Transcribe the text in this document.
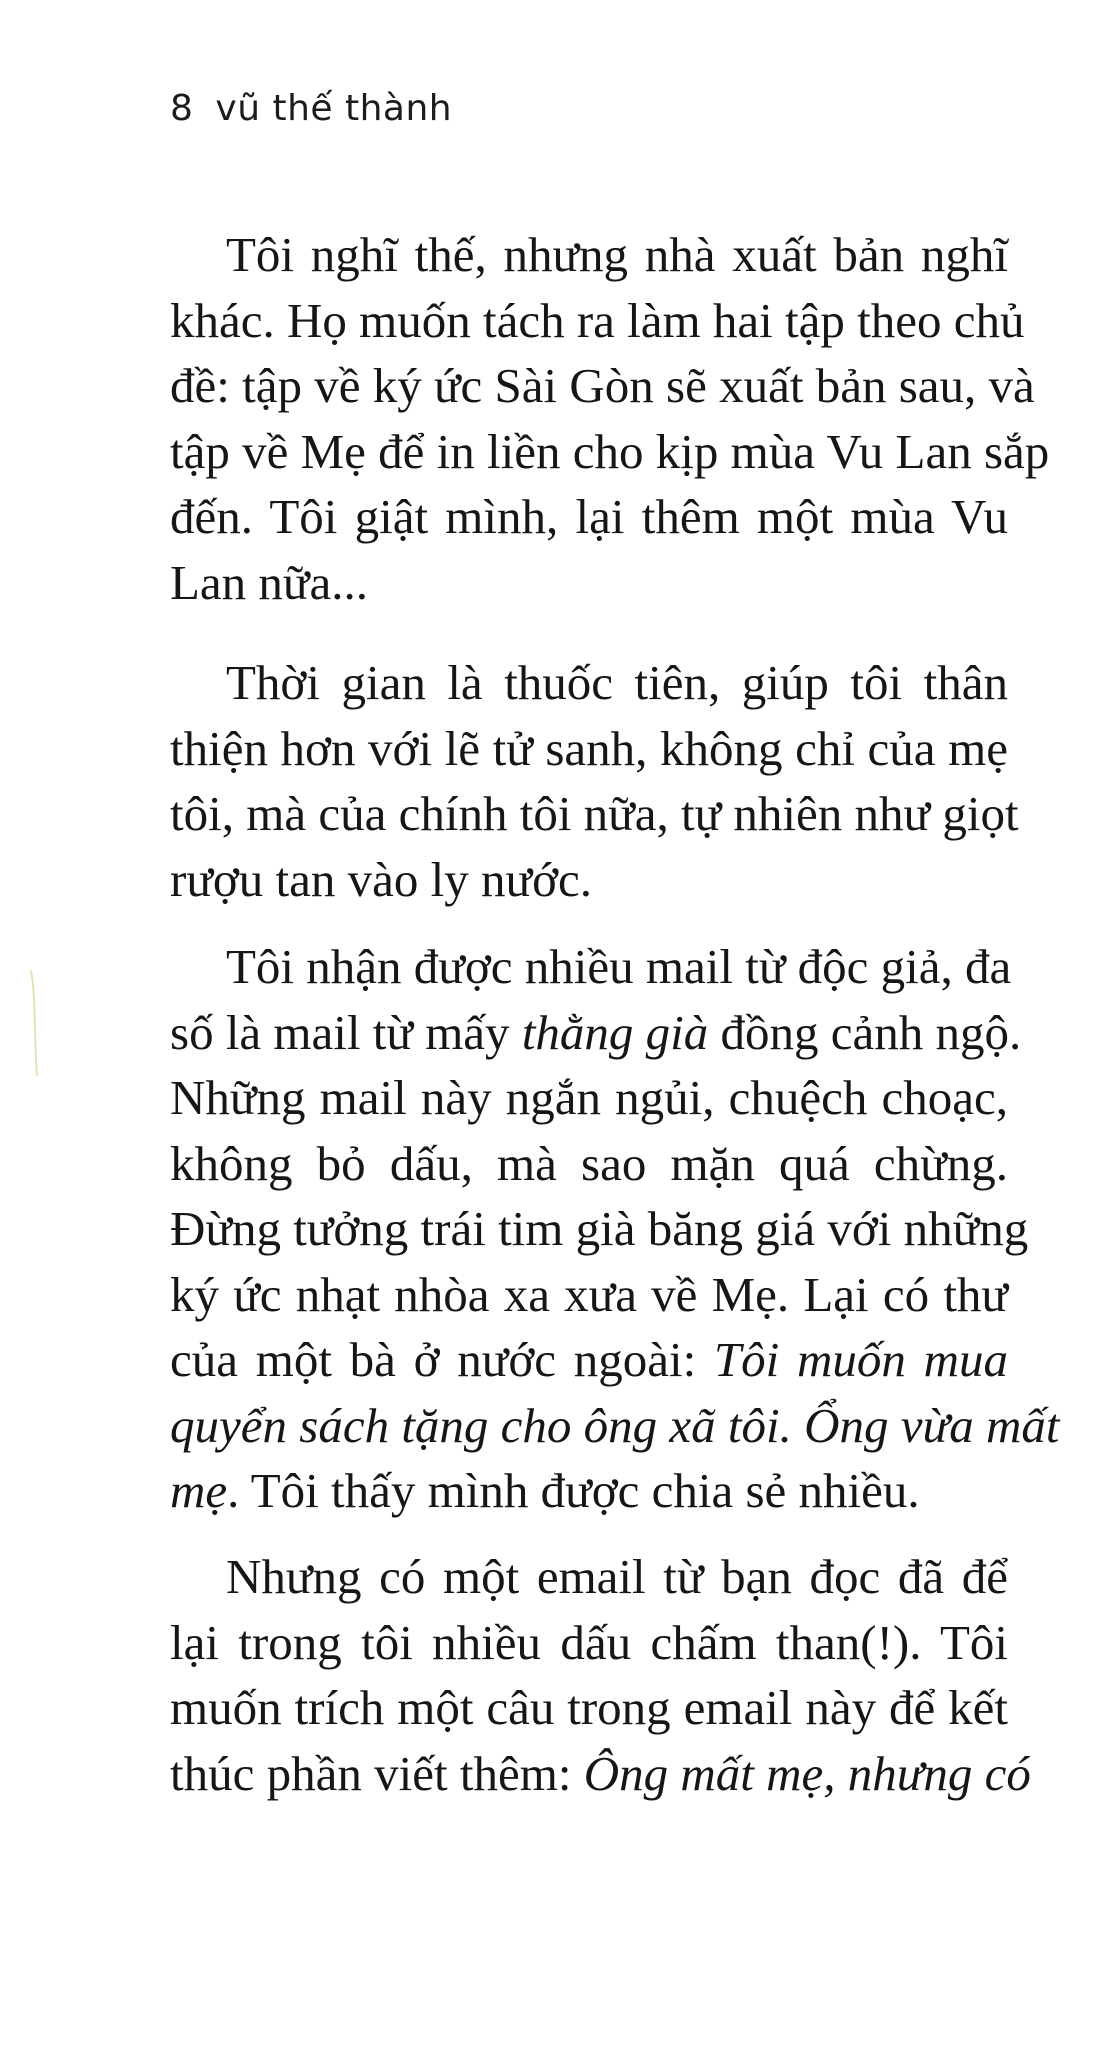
8 vũ thế thành
Tôi nghĩ thế, nhưng nhà xuất bản nghĩ
khác. Họ muốn tách ra làm hai tập theo chủ
đề: tập về ký ức Sài Gòn sẽ xuất bản sau, và
tập về Mẹ để in liền cho kịp mùa Vu Lan sắp
đến. Tôi giật mình, lại thêm một mùa Vu
Lan nữa...
Thời gian là thuốc tiên, giúp tôi thân
thiện hơn với lẽ tử sanh, không chỉ của mẹ
tôi, mà của chính tôi nữa, tự nhiên như giọt
rượu tan vào ly nước.
Tôi nhận được nhiều mail từ độc giả, đa
số là mail từ mấy thằng già đồng cảnh ngộ.
Những mail này ngắn ngủi, chuệch choạc,
không bỏ dấu, mà sao mặn quá chừng.
Đừng tưởng trái tim già băng giá với những
ký ức nhạt nhòa xa xưa về Mẹ. Lại có thư
của một bà ở nước ngoài: Tôi muốn mua
quyển sách tặng cho ông xã tôi. Ổng vừa mất
mẹ. Tôi thấy mình được chia sẻ nhiều.
Nhưng có một email từ bạn đọc đã để
lại trong tôi nhiều dấu chấm than(!). Tôi
muốn trích một câu trong email này để kết
thúc phần viết thêm: Ông mất mẹ, nhưng có
